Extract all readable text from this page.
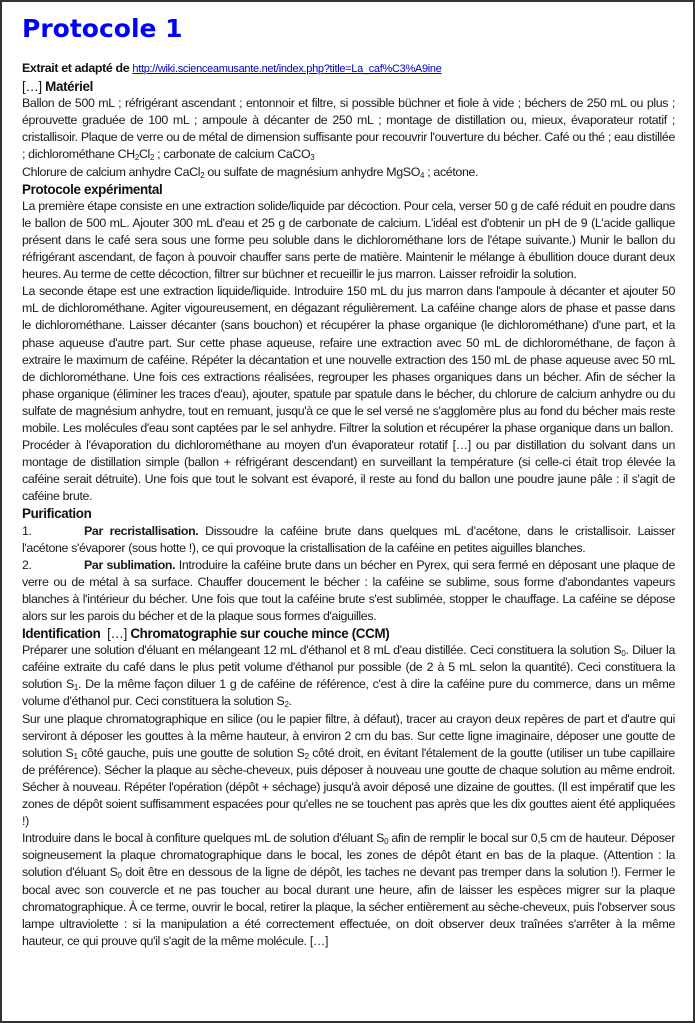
Protocole 1
Extrait et adapté de http://wiki.scienceamusante.net/index.php?title=La_caf%C3%A9ine
[…] Matériel

Ballon de 500 mL ; réfrigérant ascendant ; entonnoir et filtre, si possible büchner et fiole à vide ; béchers de 250 mL ou plus ; éprouvette graduée de 100 mL ; ampoule à décanter de 250 mL ; montage de distillation ou, mieux, évaporateur rotatif ; cristallisoir. Plaque de verre ou de métal de dimension suffisante pour recouvrir l'ouverture du bécher. Café ou thé ; eau distillée ; dichlorométhane $CH_2Cl_2$ ; carbonate de calcium CaCO$_3$

Chlorure de calcium anhydre CaCl$_2$ ou sulfate de magnésium anhydre MgSO$_4$ ; acétone.

Protocole expérimental

La première étape consiste en une extraction solide/liquide par décoction. Pour cela, verser 50 g de café réduit en poudre dans le ballon de 500 mL. Ajouter 300 mL d'eau et 25 g de carbonate de calcium. L'idéal est d'obtenir un pH de 9 (L'acide gallique présent dans le café sera sous une forme peu soluble dans le dichlorométhane lors de l'étape suivante.) Munir le ballon du réfrigérant ascendant, de façon à pouvoir chauffer sans perte de matière. Maintenir le mélange à ébullition douce durant deux heures. Au terme de cette décoction, filtrer sur büchner et recueillir le jus marron. Laisser refroidir la solution.

La seconde étape est une extraction liquide/liquide. Introduire 150 mL du jus marron dans l'ampoule à décanter et ajouter 50 mL de dichlorométhane. Agiter vigoureusement, en dégazant régulièrement. La caféine change alors de phase et passe dans le dichlorométhane. Laisser décanter (sans bouchon) et récupérer la phase organique (le dichlorométhane) d'une part, et la phase aqueuse d'autre part. Sur cette phase aqueuse, refaire une extraction avec 50 mL de dichlorométhane, de façon à extraire le maximum de caféine. Répéter la décantation et une nouvelle extraction des 150 mL de phase aqueuse avec 50 mL de dichlorométhane. Une fois ces extractions réalisées, regrouper les phases organiques dans un bécher. Afin de sécher la phase organique (éliminer les traces d'eau), ajouter, spatule par spatule dans le bécher, du chlorure de calcium anhydre ou du sulfate de magnésium anhydre, tout en remuant, jusqu'à ce que le sel versé ne s'agglomère plus au fond du bécher mais reste mobile. Les molécules d'eau sont captées par le sel anhydre. Filtrer la solution et récupérer la phase organique dans un ballon.

Procéder à l'évaporation du dichlorométhane au moyen d'un évaporateur rotatif […] ou par distillation du solvant dans un montage de distillation simple (ballon + réfrigérant descendant) en surveillant la température (si celle-ci était trop élevée la caféine serait détruite). Une fois que tout le solvant est évaporé, il reste au fond du ballon une poudre jaune pâle : il s'agit de caféine brute.

Purification

1.	Par recristallisation. Dissoudre la caféine brute dans quelques mL d’acétone, dans le cristallisoir. Laisser l'acétone s'évaporer (sous hotte !), ce qui provoque la cristallisation de la caféine en petites aiguilles blanches.

2.	Par sublimation. Introduire la caféine brute dans un bécher en Pyrex, qui sera fermé en déposant une plaque de verre ou de métal à sa surface. Chauffer doucement le bécher : la caféine se sublime, sous forme d'abondantes vapeurs blanches à l'intérieur du bécher. Une fois que tout la caféine brute s'est sublimée, stopper le chauffage. La caféine se dépose alors sur les parois du bécher et de la plaque sous formes d'aiguilles.

Identification […] Chromatographie sur couche mince (CCM)

Préparer une solution d'éluant en mélangeant 12 mL d'éthanol et 8 mL d'eau distillée. Ceci constituera la solution $S_0$. Diluer la caféine extraite du café dans le plus petit volume d'éthanol pur possible (de 2 à 5 mL selon la quantité). Ceci constituera la solution $S_1$. De la même façon diluer 1 g de caféine de référence, c'est à dire la caféine pure du commerce, dans un même volume d'éthanol pur. Ceci constituera la solution $S_2$.

Sur une plaque chromatographique en silice (ou le papier filtre, à défaut), tracer au crayon deux repères de part et d'autre qui serviront à déposer les gouttes à la même hauteur, à environ 2 cm du bas. Sur cette ligne imaginaire, déposer une goutte de solution $S_1$ côté gauche, puis une goutte de solution $S_2$ côté droit, en évitant l'étalement de la goutte (utiliser un tube capillaire de préférence). Sécher la plaque au sèche-cheveux, puis déposer à nouveau une goutte de chaque solution au même endroit. Sécher à nouveau. Répéter l'opération (dépôt + séchage) jusqu'à avoir déposé une dizaine de gouttes. (Il est impératif que les zones de dépôt soient suffisamment espacées pour qu'elles ne se touchent pas après que les dix gouttes aient été appliquées !)

Introduire dans le bocal à confiture quelques mL de solution d'éluant $S_0$ afin de remplir le bocal sur 0,5 cm de hauteur. Déposer soigneusement la plaque chromatographique dans le bocal, les zones de dépôt étant en bas de la plaque. (Attention : la solution d'éluant $S_0$ doit être en dessous de la ligne de dépôt, les taches ne devant pas tremper dans la solution !). Fermer le bocal avec son couvercle et ne pas toucher au bocal durant une heure, afin de laisser les espèces migrer sur la plaque chromatographique. À ce terme, ouvrir le bocal, retirer la plaque, la sécher entièrement au sèche-cheveux, puis l'observer sous lampe ultraviolette : si la manipulation a été correctement effectuée, on doit observer deux traînées s'arrêter à la même hauteur, ce qui prouve qu'il s'agit de la même molécule. […]
